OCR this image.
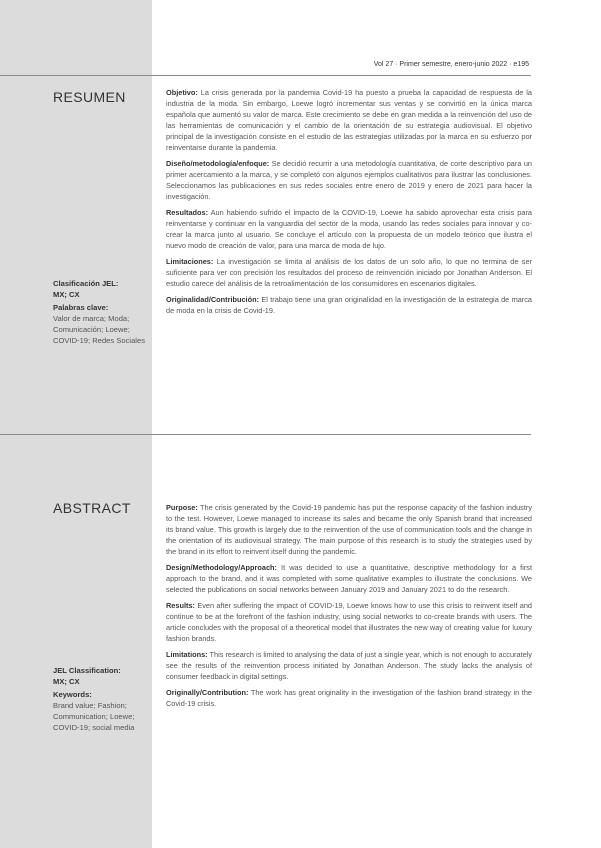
Vol 27 · Primer semestre, enero-junio 2022 · e195
RESUMEN
Clasificación JEL:
MX; CX
Palabras clave:
Valor de marca; Moda; Comunicación; Loewe; COVID-19; Redes Sociales

Objetivo: La crisis generada por la pandemia Covid-19 ha puesto a prueba la capacidad de respuesta de la industria de la moda. Sin embargo, Loewe logró incrementar sus ventas y se convirtió en la única marca española que aumentó su valor de marca. Este crecimiento se debe en gran medida a la reinvención del uso de las herramientas de comunicación y el cambio de la orientación de su estrategia audiovisual. El objetivo principal de la investigación consiste en el estudio de las estrategias utilizadas por la marca en su esfuerzo por reinventarse durante la pandemia.

Diseño/metodología/enfoque: Se decidió recurrir a una metodología cuantitativa, de corte descriptivo para un primer acercamiento a la marca, y se completó con algunos ejemplos cualitativos para ilustrar las conclusiones. Seleccionamos las publicaciones en sus redes sociales entre enero de 2019 y enero de 2021 para hacer la investigación.

Resultados: Aun habiendo sufrido el impacto de la COVID-19, Loewe ha sabido aprovechar esta crisis para reinventarse y continuar en la vanguardia del sector de la moda, usando las redes sociales para innovar y co-crear la marca junto al usuario. Se concluye el artículo con la propuesta de un modelo teórico que ilustra el nuevo modo de creación de valor, para una marca de moda de lujo.

Limitaciones: La investigación se limita al análisis de los datos de un solo año, lo que no termina de ser suficiente para ver con precisión los resultados del proceso de reinvención iniciado por Jonathan Anderson. El estudio carece del análisis de la retroalimentación de los consumidores en escenarios digitales.

Originalidad/Contribución: El trabajo tiene una gran originalidad en la investigación de la estrategia de marca de moda en la crisis de Covid-19.

ABSTRACT
JEL Classification:
MX; CX
Keywords:
Brand value; Fashion; Communication; Loewe; COVID-19; social media

Purpose: The crisis generated by the Covid-19 pandemic has put the response capacity of the fashion industry to the test. However, Loewe managed to increase its sales and became the only Spanish brand that increased its brand value. This growth is largely due to the reinvention of the use of communication tools and the change in the orientation of its audiovisual strategy. The main purpose of this research is to study the strategies used by the brand in its effort to reinvent itself during the pandemic.

Design/Methodology/Approach: It was decided to use a quantitative, descriptive methodology for a first approach to the brand, and it was completed with some qualitative examples to illustrate the conclusions. We selected the publications on social networks between January 2019 and January 2021 to do the research.

Results: Even after suffering the impact of COVID-19, Loewe knows how to use this crisis to reinvent itself and continue to be at the forefront of the fashion industry, using social networks to co-create brands with users. The article concludes with the proposal of a theoretical model that illustrates the new way of creating value for luxury fashion brands.

Limitations: This research is limited to analysing the data of just a single year, which is not enough to accurately see the results of the reinvention process initiated by Jonathan Anderson. The study lacks the analysis of consumer feedback in digital settings.

Originally/Contribution: The work has great originality in the investigation of the fashion brand strategy in the Covid-19 crisis.
